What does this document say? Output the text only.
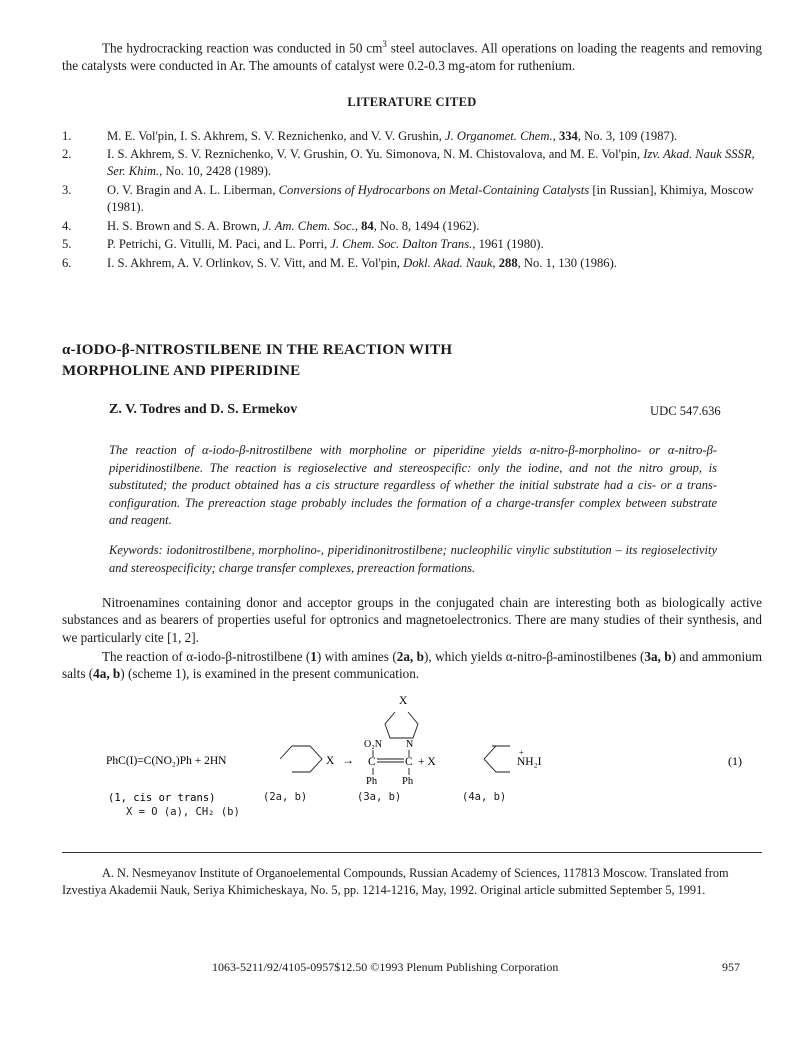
The hydrocracking reaction was conducted in 50 $cm^3$ steel autoclaves. All operations on loading the reagents and removing the catalysts were conducted in Ar. The amounts of catalyst were 0.2-0.3 mg-atom for ruthenium.
LITERATURE CITED
1.	M. E. Vol'pin, I. S. Akhrem, S. V. Reznichenko, and V. V. Grushin, J. Organomet. Chem., 334, No. 3, 109 (1987).
2.	I. S. Akhrem, S. V. Reznichenko, V. V. Grushin, O. Yu. Simonova, N. M. Chistovalova, and M. E. Vol'pin, Izv. Akad. Nauk SSSR, Ser. Khim., No. 10, 2428 (1989).
3.	O. V. Bragin and A. L. Liberman, Conversions of Hydrocarbons on Metal-Containing Catalysts [in Russian], Khimiya, Moscow (1981).
4.	H. S. Brown and S. A. Brown, J. Am. Chem. Soc., 84, No. 8, 1494 (1962).
5.	P. Petrichi, G. Vitulli, M. Paci, and L. Porri, J. Chem. Soc. Dalton Trans., 1961 (1980).
6.	I. S. Akhrem, A. V. Orlinkov, S. V. Vitt, and M. E. Vol'pin, Dokl. Akad. Nauk, 288, No. 1, 130 (1986).
α-IODO-β-NITROSTILBENE IN THE REACTION WITH
MORPHOLINE AND PIPERIDINE
Z. V. Todres and D. S. Ermekov	UDC 547.636
The reaction of α-iodo-β-nitrostilbene with morpholine or piperidine yields α-nitro-β-morpholino- or α-nitro-β-piperidinostilbene. The reaction is regioselective and stereospecific: only the iodine, and not the nitro group, is substituted; the product obtained has a cis structure regardless of whether the initial substrate had a cis- or a trans-configuration. The prereaction stage probably includes the formation of a charge-transfer complex between substrate and reagent.
Keywords: iodonitrostilbene, morpholino-, piperidinonitrostilbene; nucleophilic vinylic substitution – its regioselectivity and stereospecificity; charge transfer complexes, prereaction formations.
Nitroenamines containing donor and acceptor groups in the conjugated chain are interesting both as biologically active substances and as bearers of properties useful for optronics and magnetoelectronics. There are many studies of their synthesis, and we particularly cite [1, 2].
The reaction of α-iodo-β-nitrostilbene (1) with amines (2a, b), which yields α-nitro-β-aminostilbenes (3a, b) and ammonium salts (4a, b) (scheme 1), is examined in the present communication.
PhC(I)=C(NO₂)Ph + 2HN	X →
X
O₂N N
C	C
Ph Ph
+ X
+
NH₂I	(1)
(1, cis or trans)	(2a, b)	(3a, b)	(4a, b)
X = O (a), CH₂ (b)
A. N. Nesmeyanov Institute of Organoelemental Compounds, Russian Academy of Sciences, 117813 Moscow. Translated from Izvestiya Akademii Nauk, Seriya Khimicheskaya, No. 5, pp. 1214-1216, May, 1992. Original article submitted September 5, 1991.
1063-5211/92/4105-0957$12.50 ©1993 Plenum Publishing Corporation	957
